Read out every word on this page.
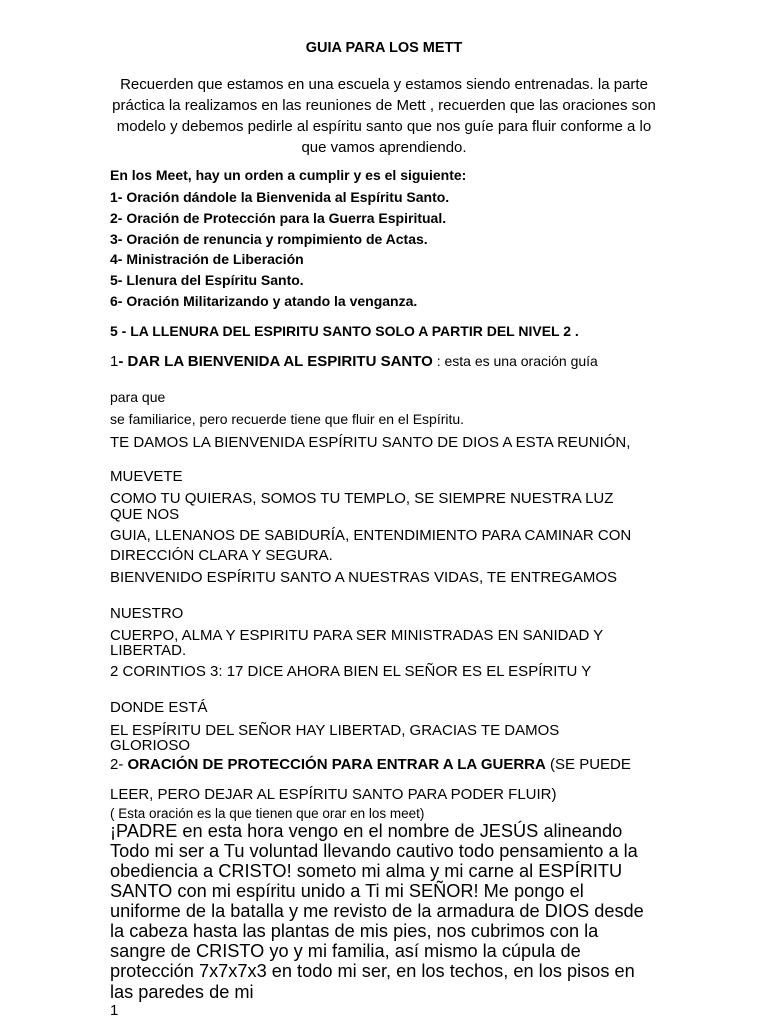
GUIA PARA LOS METT
Recuerden que estamos en una escuela y estamos siendo entrenadas. la parte
práctica la realizamos en las reuniones de Mett , recuerden que las oraciones son
modelo y debemos pedirle al espíritu santo que nos guíe para fluir conforme a lo
que vamos aprendiendo.
En los Meet, hay un orden a cumplir y es el siguiente:
1- Oración dándole la Bienvenida al Espíritu Santo.
2- Oración de Protección para la Guerra Espiritual.
3- Oración de renuncia y rompimiento de Actas.
4- Ministración de Liberación
5- Llenura del Espíritu Santo.
6- Oración Militarizando y atando la venganza.
5 - LA LLENURA DEL ESPIRITU SANTO SOLO A PARTIR DEL NIVEL 2 .
1- DAR LA BIENVENIDA AL ESPIRITU SANTO : esta es una oración guía
para que
se familiarice, pero recuerde tiene que fluir en el Espíritu.
TE DAMOS LA BIENVENIDA ESPÍRITU SANTO DE DIOS A ESTA REUNIÓN,
MUEVETE
COMO TU QUIERAS, SOMOS TU TEMPLO, SE SIEMPRE NUESTRA LUZ
QUE NOS
GUIA, LLENANOS DE SABIDURÍA, ENTENDIMIENTO PARA CAMINAR CON
DIRECCIÓN CLARA Y SEGURA.
BIENVENIDO ESPÍRITU SANTO A NUESTRAS VIDAS, TE ENTREGAMOS
NUESTRO
CUERPO, ALMA Y ESPIRITU PARA SER MINISTRADAS EN SANIDAD Y
LIBERTAD.
2 CORINTIOS 3: 17 DICE AHORA BIEN EL SEÑOR ES EL ESPÍRITU Y
DONDE ESTÁ
EL ESPÍRITU DEL SEÑOR HAY LIBERTAD, GRACIAS TE DAMOS
GLORIOSO
2- ORACIÓN DE PROTECCIÓN PARA ENTRAR A LA GUERRA (SE PUEDE
LEER, PERO DEJAR AL ESPÍRITU SANTO PARA PODER FLUIR)
( Esta oración es la que tienen que orar en los meet)
¡PADRE en esta hora vengo en el nombre de JESÚS alineando
Todo mi ser a Tu voluntad llevando cautivo todo pensamiento a la
obediencia a CRISTO! someto mi alma y mi carne al ESPÍRITU
SANTO con mi espíritu unido a Ti mi SEÑOR! Me pongo el
uniforme de la batalla y me revisto de la armadura de DIOS desde
la cabeza hasta las plantas de mis pies, nos cubrimos con la
sangre de CRISTO yo y mi familia, así mismo la cúpula de
protección 7x7x7x3 en todo mi ser, en los techos, en los pisos en
las paredes de mi
1
